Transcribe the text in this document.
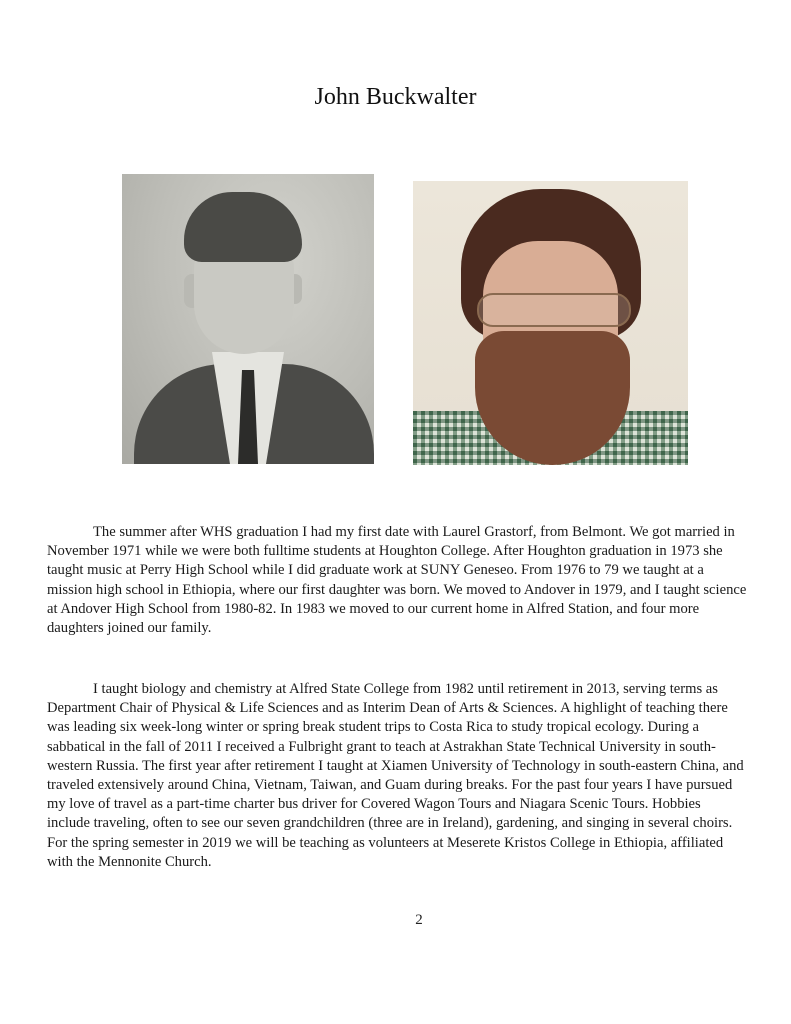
John Buckwalter

The summer after WHS graduation I had my first date with Laurel Grastorf, from Belmont. We got married in November 1971 while we were both fulltime students at Houghton College. After Houghton graduation in 1973 she taught music at Perry High School while I did graduate work at SUNY Geneseo. From 1976 to 79 we taught at a mission high school in Ethiopia, where our first daughter was born. We moved to Andover in 1979, and I taught science at Andover High School from 1980-82. In 1983 we moved to our current home in Alfred Station, and four more daughters joined our family.

I taught biology and chemistry at Alfred State College from 1982 until retirement in 2013, serving terms as Department Chair of Physical & Life Sciences and as Interim Dean of Arts & Sciences. A highlight of teaching there was leading six week-long winter or spring break student trips to Costa Rica to study tropical ecology. During a sabbatical in the fall of 2011 I received a Fulbright grant to teach at Astrakhan State Technical University in south-western Russia. The first year after retirement I taught at Xiamen University of Technology in south-eastern China, and traveled extensively around China, Vietnam, Taiwan, and Guam during breaks. For the past four years I have pursued my love of travel as a part-time charter bus driver for Covered Wagon Tours and Niagara Scenic Tours. Hobbies include traveling, often to see our seven grandchildren (three are in Ireland), gardening, and singing in several choirs. For the spring semester in 2019 we will be teaching as volunteers at Meserete Kristos College in Ethiopia, affiliated with the Mennonite Church.

2
